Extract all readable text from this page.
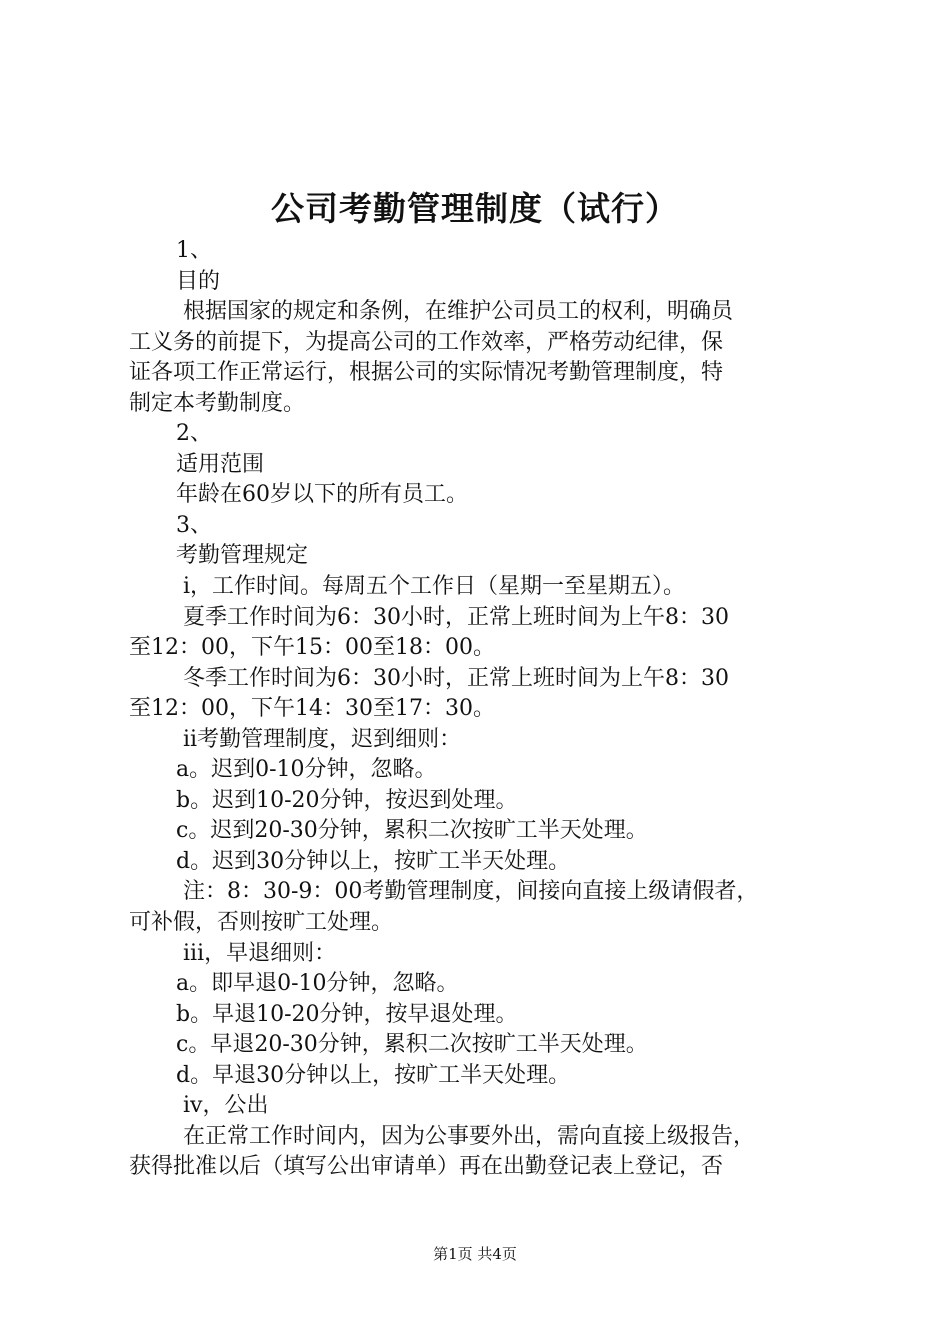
公司考勤管理制度（试行）
1、
目的
根据国家的规定和条例，在维护公司员工的权利，明确员
工义务的前提下，为提高公司的工作效率，严格劳动纪律，保
证各项工作正常运行，根据公司的实际情况考勤管理制度，特
制定本考勤制度。
2、
适用范围
年龄在60岁以下的所有员工。
3、
考勤管理规定
ⅰ，工作时间。每周五个工作日（星期一至星期五）。
夏季工作时间为6：30小时，正常上班时间为上午8：30
至12：00，下午15：00至18：00。
冬季工作时间为6：30小时，正常上班时间为上午8：30
至12：00，下午14：30至17：30。
ⅱ考勤管理制度，迟到细则：
a。迟到0-10分钟，忽略。
b。迟到10-20分钟，按迟到处理。
c。迟到20-30分钟，累积二次按旷工半天处理。
d。迟到30分钟以上，按旷工半天处理。
注：8：30-9：00考勤管理制度，间接向直接上级请假者，
可补假，否则按旷工处理。
ⅲ，早退细则：
a。即早退0-10分钟，忽略。
b。早退10-20分钟，按早退处理。
c。早退20-30分钟，累积二次按旷工半天处理。
d。早退30分钟以上，按旷工半天处理。
ⅳ，公出
在正常工作时间内，因为公事要外出，需向直接上级报告，
获得批准以后（填写公出审请单）再在出勤登记表上登记，否
第1页 共4页
